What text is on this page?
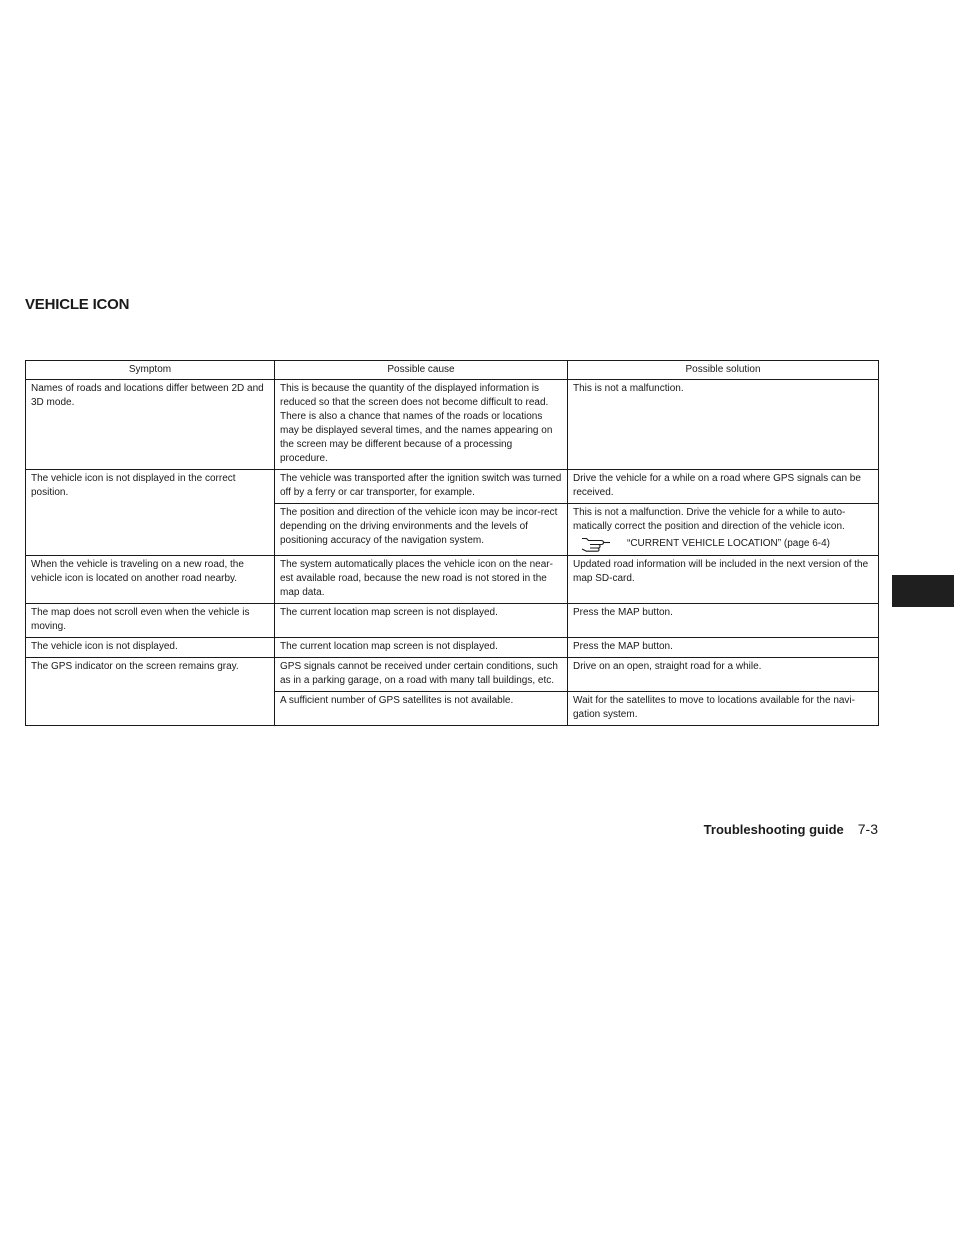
VEHICLE ICON
Symptom	Possible cause	Possible solution
Names of roads and locations differ between 2D and 3D mode.	This is because the quantity of the displayed information is reduced so that the screen does not become difficult to read. There is also a chance that names of the roads or locations may be displayed several times, and the names appearing on the screen may be different because of a processing procedure.	This is not a malfunction.
The vehicle icon is not displayed in the correct position.	The vehicle was transported after the ignition switch was turned off by a ferry or car transporter, for example.	Drive the vehicle for a while on a road where GPS signals can be received.
	The position and direction of the vehicle icon may be incor-rect depending on the driving environments and the levels of positioning accuracy of the navigation system.	This is not a malfunction. Drive the vehicle for a while to auto-matically correct the position and direction of the vehicle icon.
“CURRENT VEHICLE LOCATION” (page 6-4)

When the vehicle is traveling on a new road, the vehicle icon is located on another road nearby.	The system automatically places the vehicle icon on the near-est available road, because the new road is not stored in the map data.	Updated road information will be included in the next version of the map SD-card.
The map does not scroll even when the vehicle is moving.	The current location map screen is not displayed.	Press the MAP button.
The vehicle icon is not displayed.	The current location map screen is not displayed.	Press the MAP button.
The GPS indicator on the screen remains gray.	GPS signals cannot be received under certain conditions, such as in a parking garage, on a road with many tall buildings, etc.	Drive on an open, straight road for a while.
	A sufficient number of GPS satellites is not available.	Wait for the satellites to move to locations available for the navi-gation system.
Troubleshooting guide 7-3
